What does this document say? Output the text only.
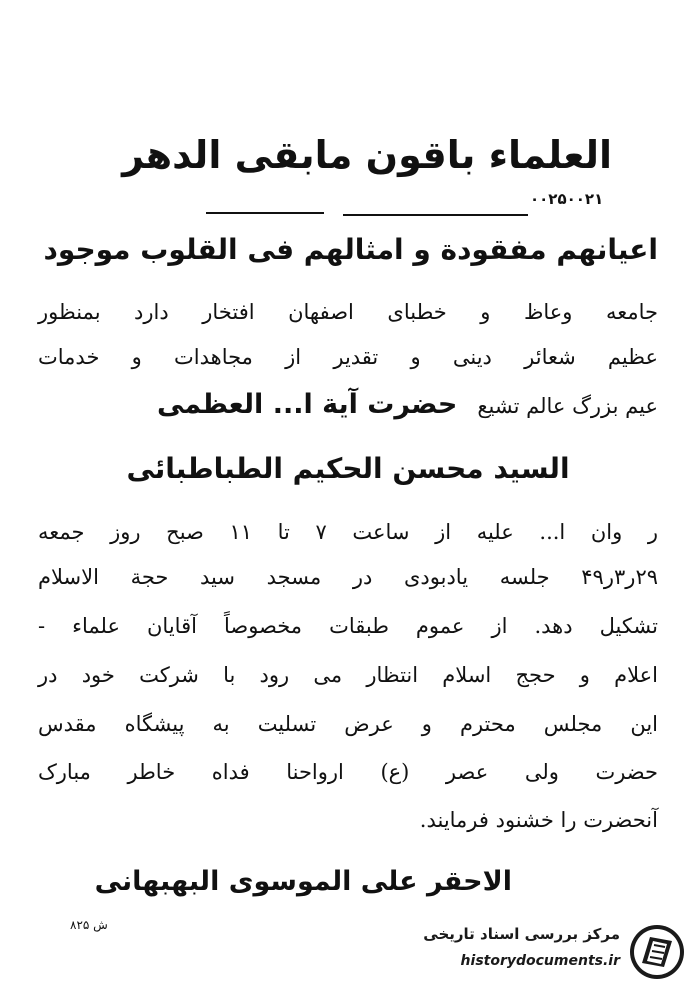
العلماء باقون مابقی الدهر
۰۰۲۵۰۰۲۱
اعیانهم مفقودة و امثالهم فی القلوب موجود
جامعه وعاظ و خطبای اصفهان افتخار دارد بمنظور
عظیم شعائر دینی و تقدیر از مجاهدات و خدمات
عیم بزرگ عالم تشیع   حضرت آیة ا... العظمی
السید محسن الحکیم الطباطبائی
ر وان ا... علیه از ساعت ۷ تا ۱۱ صبح روز جمعه
۲۹ر۳ر۴۹ جلسه یادبودی در مسجد سید حجة الاسلام
تشکیل دهد. از عموم طبقات مخصوصاً آقایان علماء -
اعلام و حجج اسلام انتظار می رود با شرکت خود در
این مجلس محترم و عرض تسلیت به پیشگاه مقدس
حضرت ولی عصر (ع) ارواحنا فداه خاطر مبارک
آنحضرت را خشنود فرمایند.
الاحقر علی الموسوی البهبهانی
ش ۸۲۵	مرکز بررسی اسناد تاریخی
historydocuments.ir
